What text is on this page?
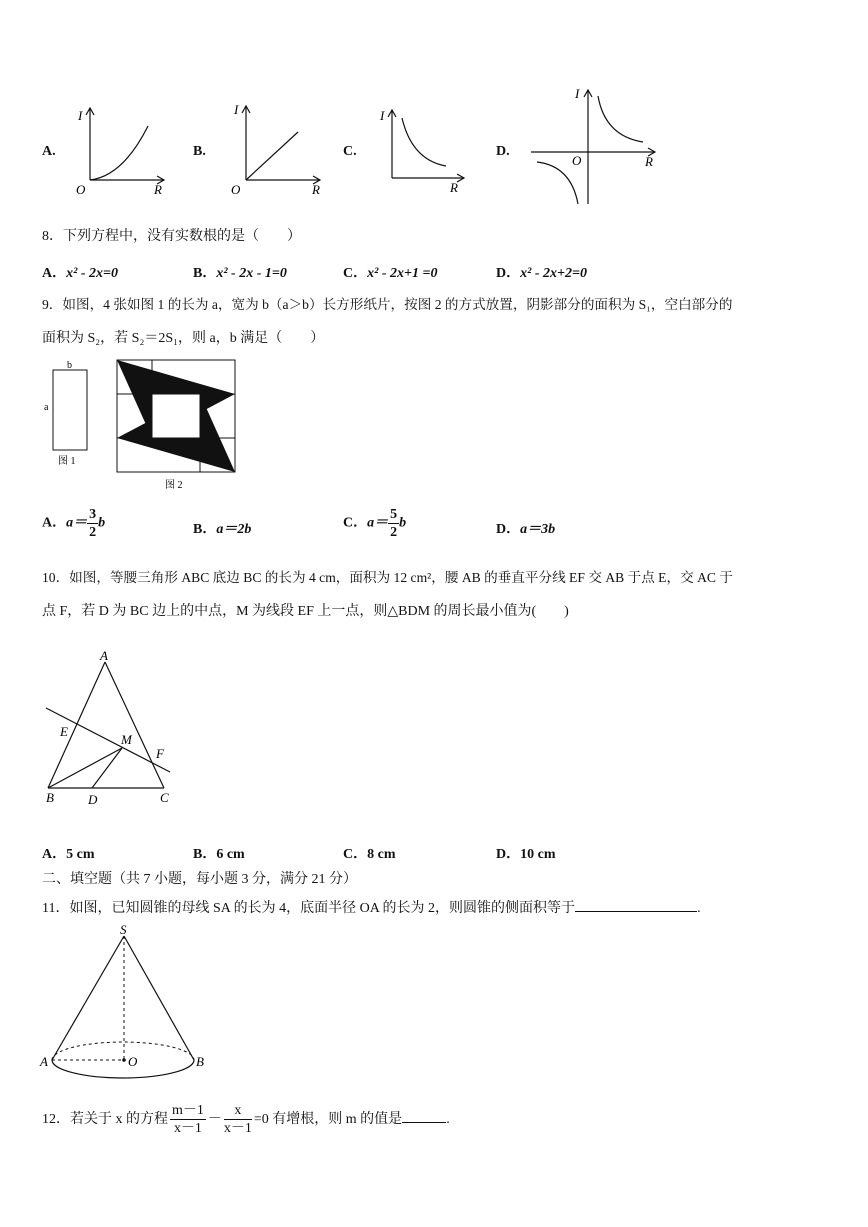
A.
I
R
O
B.
I
R
O
C.
I
R
D.
I
R
O
8．下列方程中，没有实数根的是（　　）
A．x² - 2x=0	B．x² - 2x - 1=0	C．x² - 2x+1 =0	D．x² - 2x+2=0
9．如图，4 张如图 1 的长为 a，宽为 b（a＞b）长方形纸片，按图 2 的方式放置，阴影部分的面积为 S₁，空白部分的
面积为 S₂，若 S₂＝2S₁，则 a，b 满足（　　）
b
a
图 1
图 2
A．$a= \frac{3}{2}$ b	B．a＝2b	C．$a= \frac{5}{2}$ b	D．a＝3b
10．如图，等腰三角形 ABC 底边 BC 的长为 4 cm，面积为 12 cm²，腰 AB 的垂直平分线 EF 交 AB 于点 E，交 AC 于
点 F，若 D 为 BC 边上的中点，M 为线段 EF 上一点，则△BDM 的周长最小值为(　　)
A
B	C
D
E
F
M
A．5 cm	B．6 cm	C．8 cm	D．10 cm
二、填空题（共 7 小题，每小题 3 分，满分 21 分）
11．如图，已知圆锥的母线 SA 的长为 4，底面半径 OA 的长为 2，则圆锥的侧面积等于	.
S
A	B
O
12．若关于 x 的方程 $\frac{m-1}{x-1} - \frac{x}{x-1} =0$ 有增根，则 m 的值是	.
